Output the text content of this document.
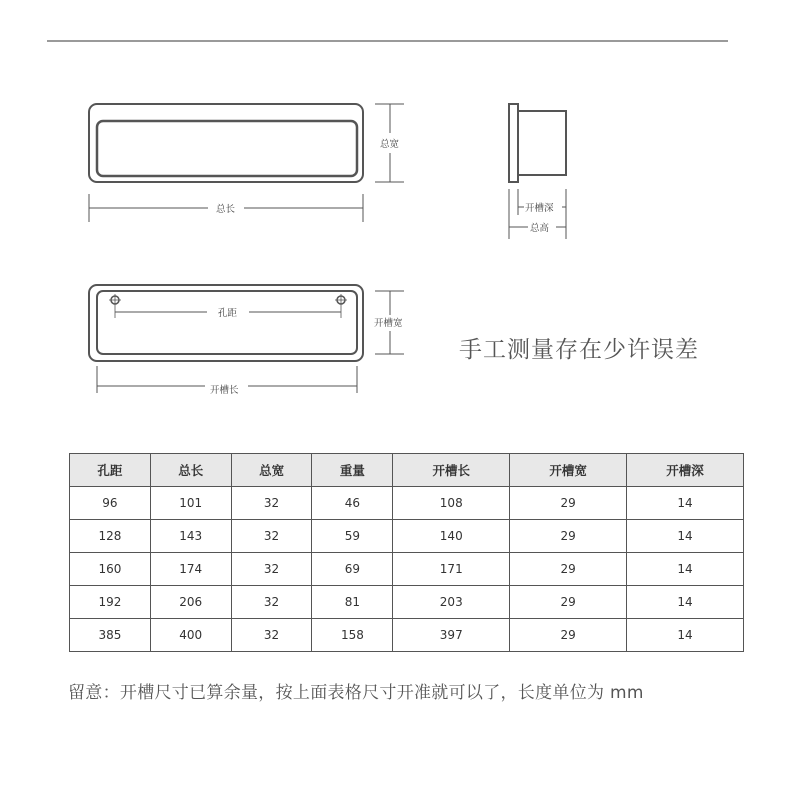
总宽
总长	开槽深
总高
孔距
开槽宽
开槽长
手工测量存在少许误差
孔距	总长	总宽	重量	开槽长	开槽宽	开槽深
96	101	32	46	108	29	14
128	143	32	59	140	29	14
160	174	32	69	171	29	14
192	206	32	81	203	29	14
385	400	32	158	397	29	14
留意：开槽尺寸已算余量，按上面表格尺寸开准就可以了，长度单位为 mm
